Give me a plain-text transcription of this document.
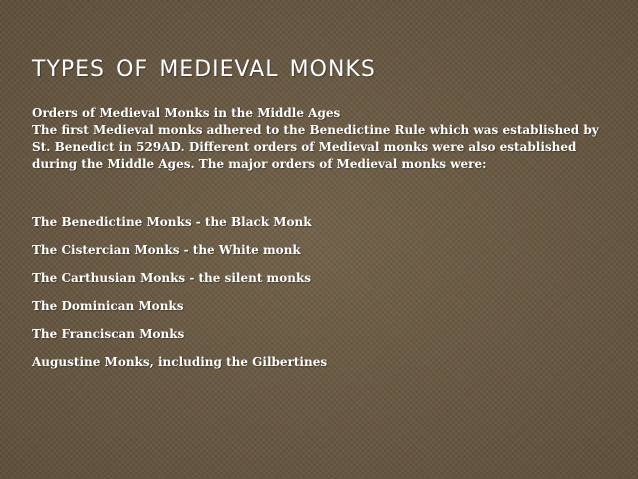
types of medieval monks

Orders of Medieval Monks in the Middle Ages

The first Medieval monks adhered to the Benedictine Rule which was established by St. Benedict in 529AD. Different orders of Medieval monks were also established during the Middle Ages. The major orders of Medieval monks were:

The Benedictine Monks - the Black Monk
The Cistercian Monks - the White monk
The Carthusian Monks - the silent monks
The Dominican Monks
The Franciscan Monks
Augustine Monks, including the Gilbertines
